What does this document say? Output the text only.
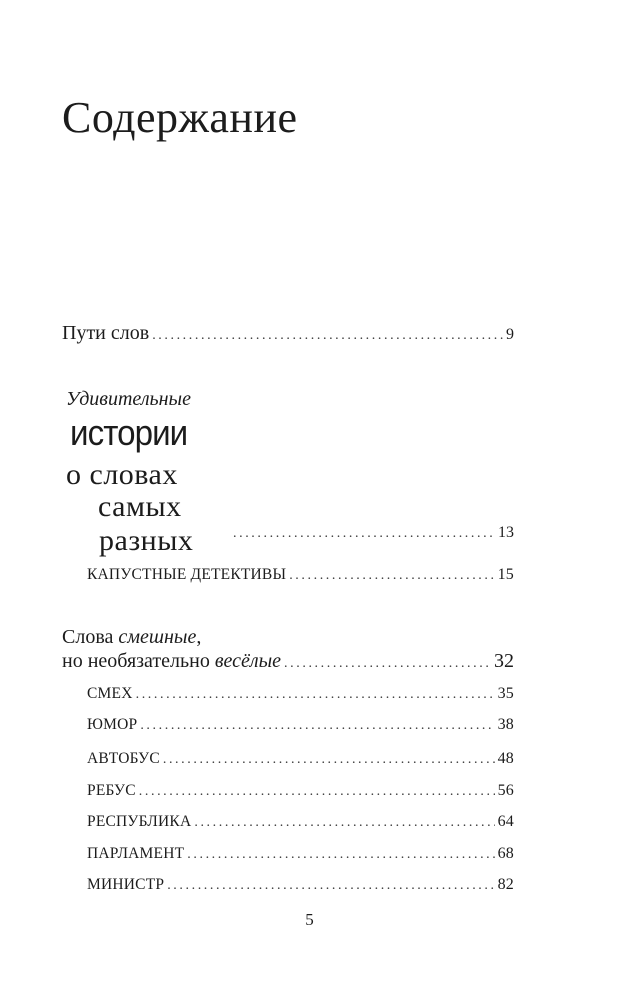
Содержание
Пути слов .....	9
Удивительные
истории
о словах
самых
разных .....	13
КАПУСТНЫЕ ДЕТЕКТИВЫ .....	15
Слова смешные,
но необязательно весёлые .....	32
СМЕХ .....	35
ЮМОР .....	38
АВТОБУС .....	48
РЕБУС .....	56
РЕСПУБЛИКА .....	64
ПАРЛАМЕНТ .....	68
МИНИСТР .....	82
5
